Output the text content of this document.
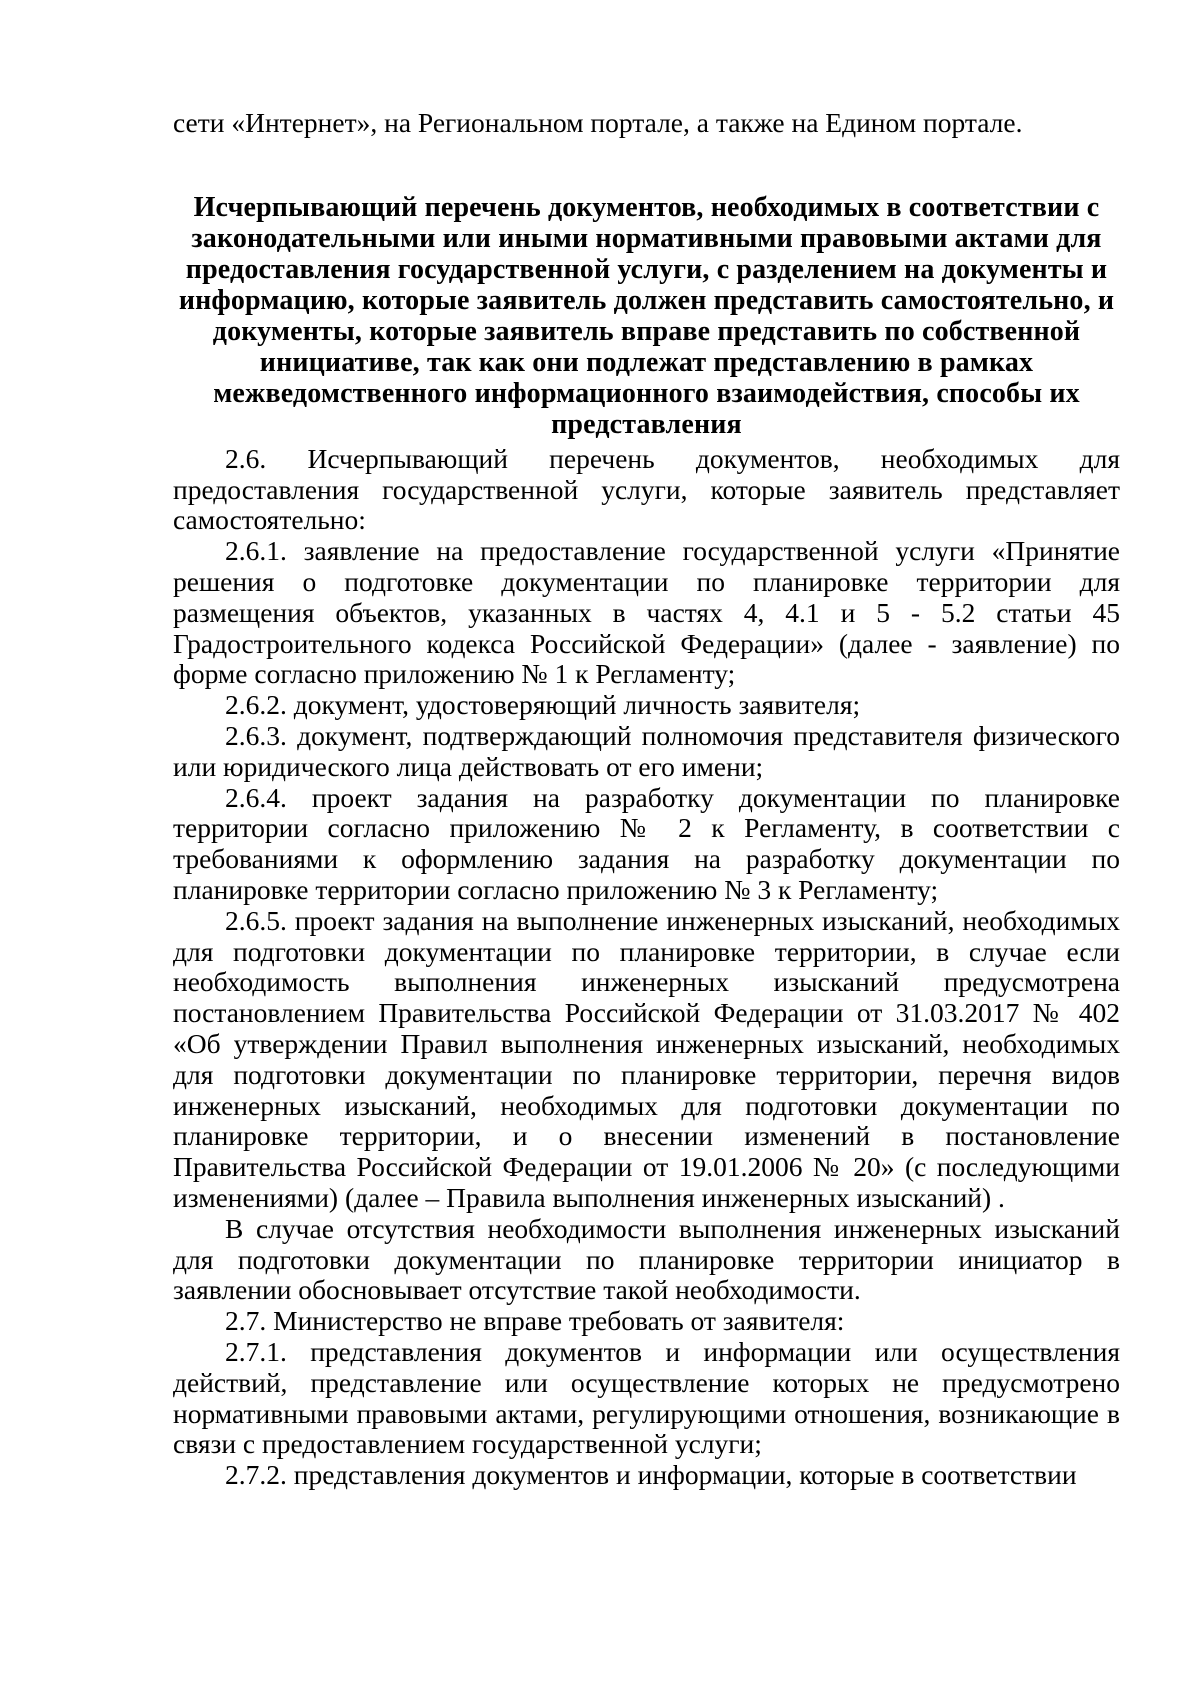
сети «Интернет», на Региональном портале, а также на Едином портале.

Исчерпывающий перечень документов, необходимых в соответствии с
законодательными или иными нормативными правовыми актами для
предоставления государственной услуги, с разделением на документы и
информацию, которые заявитель должен представить самостоятельно, и
документы, которые заявитель вправе представить по собственной
инициативе, так как они подлежат представлению в рамках
межведомственного информационного взаимодействия, способы их
представления

2.6. Исчерпывающий перечень документов, необходимых для предоставления государственной услуги, которые заявитель представляет самостоятельно:

2.6.1. заявление на предоставление государственной услуги «Принятие решения о подготовке документации по планировке территории для размещения объектов, указанных в частях 4, 4.1 и 5 - 5.2 статьи 45 Градостроительного кодекса Российской Федерации» (далее - заявление) по форме согласно приложению № 1 к Регламенту;

2.6.2. документ, удостоверяющий личность заявителя;

2.6.3. документ, подтверждающий полномочия представителя физического или юридического лица действовать от его имени;

2.6.4. проект задания на разработку документации по планировке территории согласно приложению № 2 к Регламенту, в соответствии с требованиями к оформлению задания на разработку документации по планировке территории согласно приложению № 3 к Регламенту;

2.6.5. проект задания на выполнение инженерных изысканий, необходимых для подготовки документации по планировке территории, в случае если необходимость выполнения инженерных изысканий предусмотрена постановлением Правительства Российской Федерации от 31.03.2017 № 402 «Об утверждении Правил выполнения инженерных изысканий, необходимых для подготовки документации по планировке территории, перечня видов инженерных изысканий, необходимых для подготовки документации по планировке территории, и о внесении изменений в постановление Правительства Российской Федерации от 19.01.2006 № 20» (с последующими изменениями) (далее – Правила выполнения инженерных изысканий) .

В случае отсутствия необходимости выполнения инженерных изысканий для подготовки документации по планировке территории инициатор в заявлении обосновывает отсутствие такой необходимости.

2.7. Министерство не вправе требовать от заявителя:

2.7.1. представления документов и информации или осуществления действий, представление или осуществление которых не предусмотрено нормативными правовыми актами, регулирующими отношения, возникающие в связи с предоставлением государственной услуги;

2.7.2. представления документов и информации, которые в соответствии
